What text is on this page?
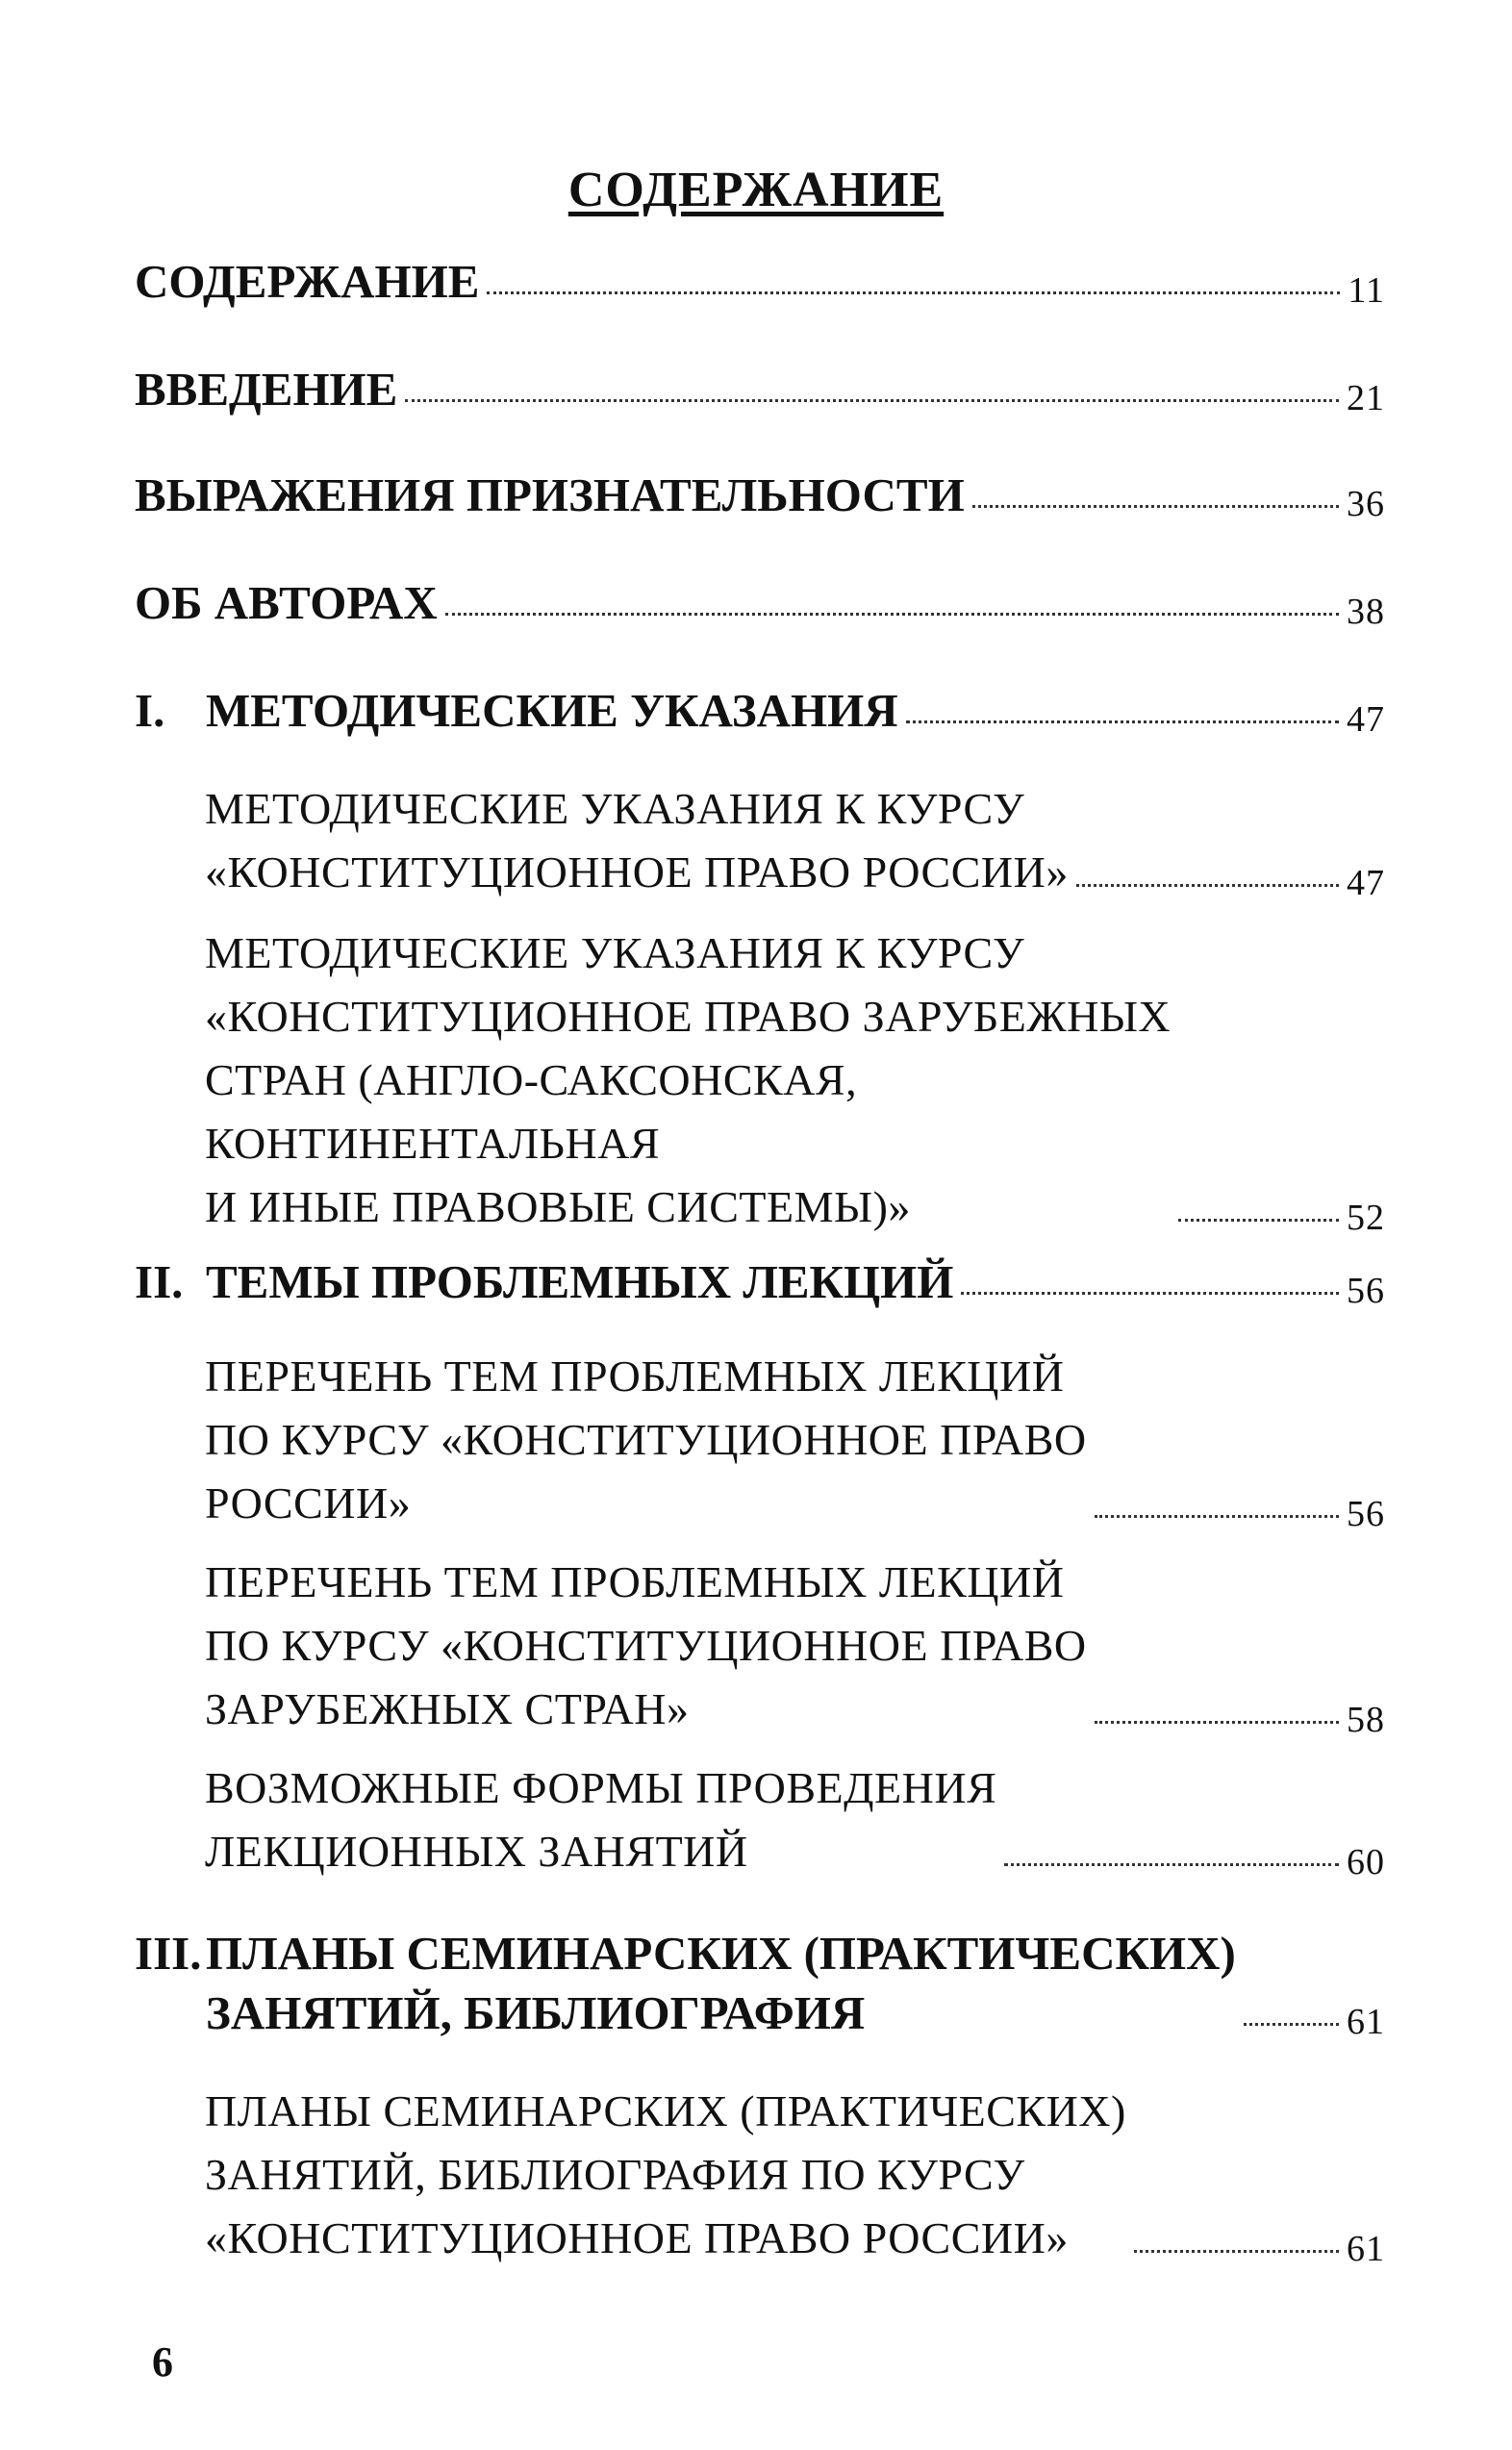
СОДЕРЖАНИЕ
СОДЕРЖАНИЕ	11
ВВЕДЕНИЕ	21
ВЫРАЖЕНИЯ ПРИЗНАТЕЛЬНОСТИ	36
ОБ АВТОРАХ	38
I. МЕТОДИЧЕСКИЕ УКАЗАНИЯ	47
МЕТОДИЧЕСКИЕ УКАЗАНИЯ К КУРСУ
«КОНСТИТУЦИОННОЕ ПРАВО РОССИИ»	47
МЕТОДИЧЕСКИЕ УКАЗАНИЯ К КУРСУ
«КОНСТИТУЦИОННОЕ ПРАВО ЗАРУБЕЖНЫХ
СТРАН (АНГЛО-САКСОНСКАЯ,
КОНТИНЕНТАЛЬНАЯ
И ИНЫЕ ПРАВОВЫЕ СИСТЕМЫ)»	52
II. ТЕМЫ ПРОБЛЕМНЫХ ЛЕКЦИЙ	56
ПЕРЕЧЕНЬ ТЕМ ПРОБЛЕМНЫХ ЛЕКЦИЙ
ПО КУРСУ «КОНСТИТУЦИОННОЕ ПРАВО
РОССИИ»	56
ПЕРЕЧЕНЬ ТЕМ ПРОБЛЕМНЫХ ЛЕКЦИЙ
ПО КУРСУ «КОНСТИТУЦИОННОЕ ПРАВО
ЗАРУБЕЖНЫХ СТРАН»	58
ВОЗМОЖНЫЕ ФОРМЫ ПРОВЕДЕНИЯ
ЛЕКЦИОННЫХ ЗАНЯТИЙ	60
III.ПЛАНЫ СЕМИНАРСКИХ (ПРАКТИЧЕСКИХ)
ЗАНЯТИЙ, БИБЛИОГРАФИЯ	61
ПЛАНЫ СЕМИНАРСКИХ (ПРАКТИЧЕСКИХ)
ЗАНЯТИЙ, БИБЛИОГРАФИЯ ПО КУРСУ
«КОНСТИТУЦИОННОЕ ПРАВО РОССИИ»	61
6
